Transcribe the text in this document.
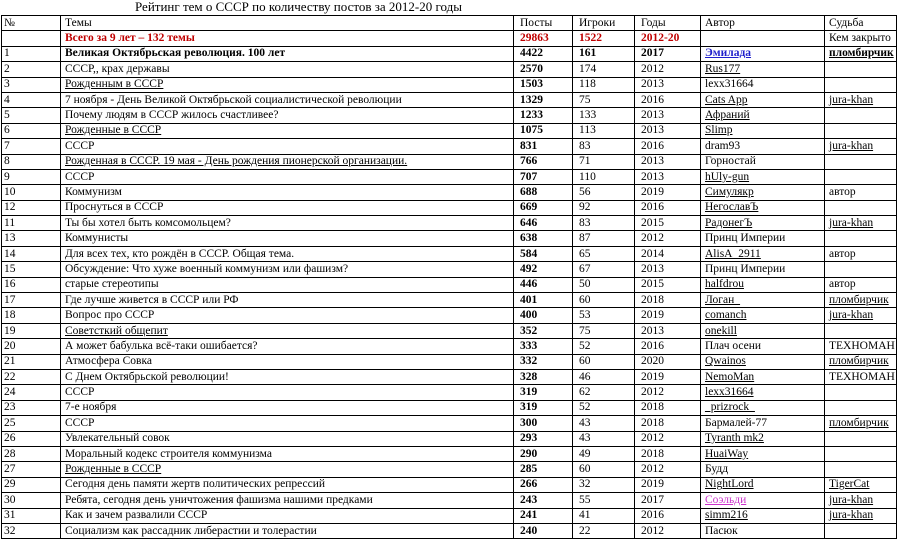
Рейтинг тем о СССР по количеству постов за 2012-20 годы
№	Темы	Посты	Игроки	Годы	Автор	Судьба
	Всего за 9 лет – 132 темы	29863	1522	2012-20		Кем закрыто
1	Великая Октябрьская революция. 100 лет	4422	161	2017	Эмилада	пломбирчик
2	СССР,, крах державы	2570	174	2012	Rus177	
3	Рожденным в СССР	1503	118	2013	lexx31664	
4	7 ноября - День Великой Октябрьской социалистической революции	1329	75	2016	Cats App	jura-khan
5	Почему людям в СССР жилось счастливее?	1233	133	2013	Афраний	
6	Рожденные в СССР	1075	113	2013	Slimp	
7	СССР	831	83	2016	dram93	jura-khan
8	Рожденная в СССР. 19 мая - День рождения пионерской организации.	766	71	2013	Горностай	
9	СССР	707	110	2013	hUly-gun	
10	Коммунизм	688	56	2019	Симулякр	автор
12	Проснуться в СССР	669	92	2016	НегославЪ	
11	Ты бы хотел быть комсомольцем?	646	83	2015	РадонегЪ	jura-khan
13	Коммунисты	638	87	2012	Принц Империи	
14	Для всех тех, кто рождён в СССР. Общая тема.	584	65	2014	AlisA_2911	автор
15	Обсуждение: Что хуже военный коммунизм или фашизм?	492	67	2013	Принц Империи	
16	старые стереотипы	446	50	2015	halfdrou	автор
17	Где лучше живется в СССР или РФ	401	60	2018	Логан_	пломбирчик
18	Вопрос про СССР	400	53	2019	comanch	jura-khan
19	Советсткий общепит	352	75	2013	onekill	
20	А может бабулька всё-таки ошибается?	333	52	2016	Плач осени	TEXHOMAH
21	Атмосфера Совка	332	60	2020	Qwainos	пломбирчик
22	С Днем Октябрьской революции!	328	46	2019	NemoMan	TEXHOMAH
24	СССР	319	62	2012	lexx31664	
23	7-е ноября	319	52	2018	_prizrock_	
25	СССР	300	43	2018	Бармалей-77	пломбирчик
26	Увлекательный совок	293	43	2012	Tyranth mk2	
28	Моральный кодекс строителя коммунизма	290	49	2018	HuaiWay	
27	Рожденные в СССР	285	60	2012	Будд	
29	Сегодня день памяти жертв политических репрессий	266	32	2019	NightLord	TigerCat
30	Ребята, сегодня день уничтожения фашизма нашими предками	243	55	2017	Соэльди	jura-khan
31	Как и зачем развалили СССР	241	41	2016	simm216	jura-khan
32	Социализм как рассадник либерастии и толерастии	240	22	2012	Пасюк	
